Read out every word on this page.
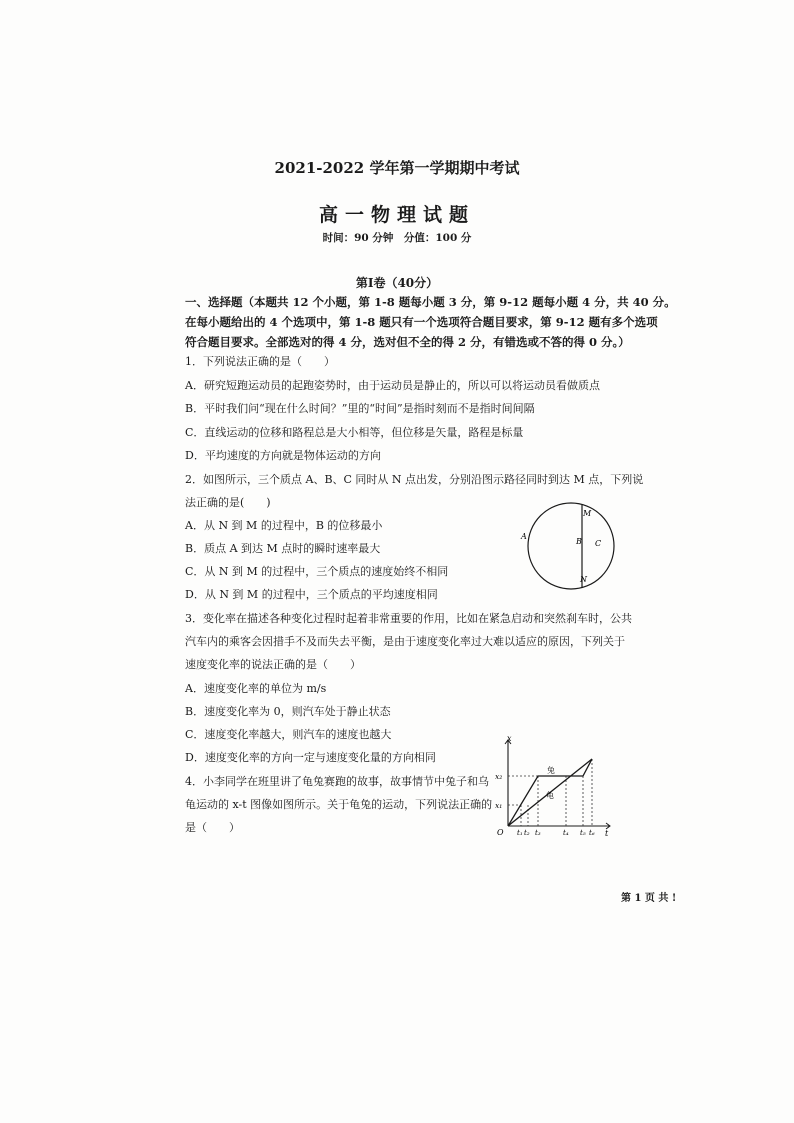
2021-2022 学年第一学期期中考试
高一物理试题
时间：90 分钟　分值：100 分
第Ⅰ卷（40分）
一、选择题（本题共 12 个小题，第 1-8 题每小题 3 分，第 9-12 题每小题 4 分，共 40 分。
在每小题给出的 4 个选项中，第 1-8 题只有一个选项符合题目要求，第 9-12 题有多个选项
符合题目要求。全部选对的得 4 分，选对但不全的得 2 分，有错选或不答的得 0 分。）
1．下列说法正确的是（　　）
A．研究短跑运动员的起跑姿势时，由于运动员是静止的，所以可以将运动员看做质点
B．平时我们问“现在什么时间？”里的“时间”是指时刻而不是指时间间隔
C．直线运动的位移和路程总是大小相等，但位移是矢量，路程是标量
D．平均速度的方向就是物体运动的方向
2．如图所示，三个质点 A、B、C 同时从 N 点出发，分别沿图示路径同时到达 M 点，下列说
法正确的是(　　)
A．从 N 到 M 的过程中，B 的位移最小
B．质点 A 到达 M 点时的瞬时速率最大
C．从 N 到 M 的过程中，三个质点的速度始终不相同
D．从 N 到 M 的过程中，三个质点的平均速度相同
A
B C
M
N
3．变化率在描述各种变化过程时起着非常重要的作用，比如在紧急启动和突然刹车时，公共
汽车内的乘客会因措手不及而失去平衡，是由于速度变化率过大难以适应的原因，下列关于
速度变化率的说法正确的是（　　）
A．速度变化率的单位为 m/s
B．速度变化率为 0，则汽车处于静止状态
C．速度变化率越大，则汽车的速度也越大
D．速度变化率的方向一定与速度变化量的方向相同
4．小李同学在班里讲了龟兔赛跑的故事，故事情节中兔子和乌
龟运动的 x-t 图像如图所示。关于龟兔的运动，下列说法正确的
是（　　）
x
t
O
x₁
x₂
t₁ t₂ t₃	t₄ t₅ t₆
兔
龟
第 1 页 共 !
